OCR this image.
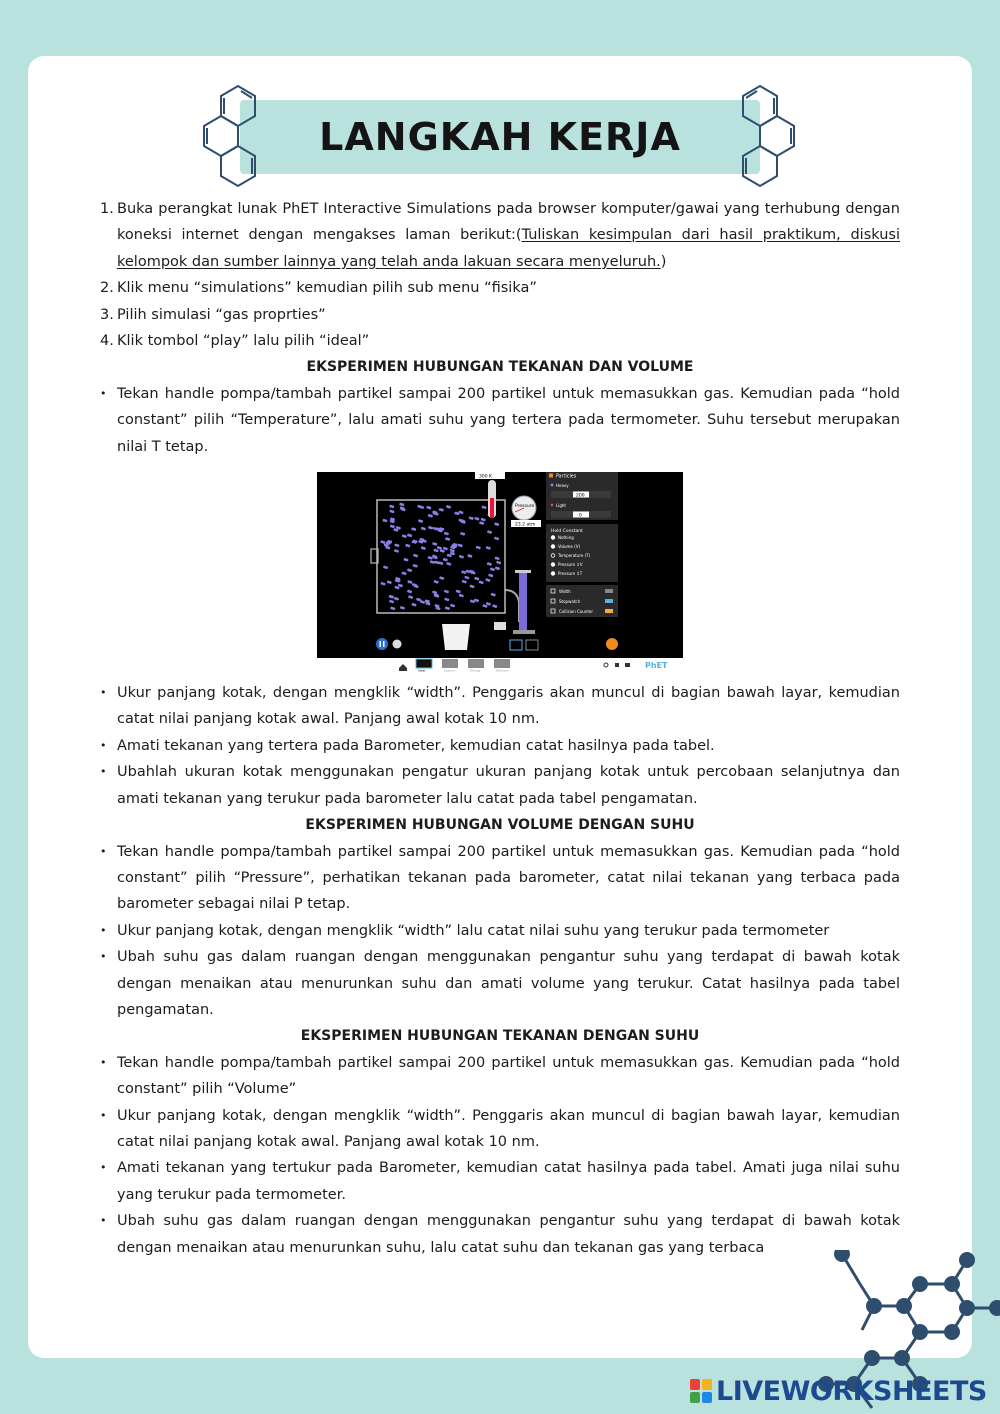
LANGKAH KERJA
1. Buka perangkat lunak PhET Interactive Simulations pada browser komputer/gawai yang terhubung dengan koneksi internet dengan mengakses laman berikut:(Tuliskan kesimpulan dari hasil praktikum, diskusi kelompok dan sumber lainnya yang telah anda lakuan secara menyeluruh.)
2. Klik menu “simulations” kemudian pilih sub menu “fisika”
3. Pilih simulasi “gas proprties”
4. Klik tombol “play” lalu pilih “ideal”
EKSPERIMEN HUBUNGAN TEKANAN DAN VOLUME
• Tekan handle pompa/tambah partikel sampai 200 partikel untuk memasukkan gas. Kemudian pada “hold constant” pilih “Temperature”, lalu amati suhu yang tertera pada termometer. Suhu tersebut merupakan nilai T tetap.
300 K
Pressure
23.2 atm
Particles
Heavy
200
Light
0
Hold Constant
Nothing
Volume (V)
Temperature (T)
Pressure ↕V
Pressure ↕T
Width
Stopwatch
Collision Counter
Ideal	Explore	Energy	Diffusion
PhET
• Ukur panjang kotak, dengan mengklik “width”. Penggaris akan muncul di bagian bawah layar, kemudian catat nilai panjang kotak awal. Panjang awal kotak 10 nm.
• Amati tekanan yang tertera pada Barometer, kemudian catat hasilnya pada tabel.
• Ubahlah ukuran kotak menggunakan pengatur ukuran panjang kotak untuk percobaan selanjutnya dan amati tekanan yang terukur pada barometer lalu catat pada tabel pengamatan.
EKSPERIMEN HUBUNGAN VOLUME DENGAN SUHU
• Tekan handle pompa/tambah partikel sampai 200 partikel untuk memasukkan gas. Kemudian pada “hold constant” pilih “Pressure”, perhatikan tekanan pada barometer, catat nilai tekanan yang terbaca pada barometer sebagai nilai P tetap.
• Ukur panjang kotak, dengan mengklik “width” lalu catat nilai suhu yang terukur pada termometer
• Ubah suhu gas dalam ruangan dengan menggunakan pengantur suhu yang terdapat di bawah kotak dengan menaikan atau menurunkan suhu dan amati volume yang terukur. Catat hasilnya pada tabel pengamatan.
EKSPERIMEN HUBUNGAN TEKANAN DENGAN SUHU
• Tekan handle pompa/tambah partikel sampai 200 partikel untuk memasukkan gas. Kemudian pada “hold constant” pilih “Volume”
• Ukur panjang kotak, dengan mengklik “width”. Penggaris akan muncul di bagian bawah layar, kemudian catat nilai panjang kotak awal. Panjang awal kotak 10 nm.
• Amati tekanan yang tertukur pada Barometer, kemudian catat hasilnya pada tabel. Amati juga nilai suhu yang terukur pada termometer.
• Ubah suhu gas dalam ruangan dengan menggunakan pengantur suhu yang terdapat di bawah kotak dengan menaikan atau menurunkan suhu, lalu catat suhu dan tekanan gas yang terbaca
LIVEWORKSHEETS
